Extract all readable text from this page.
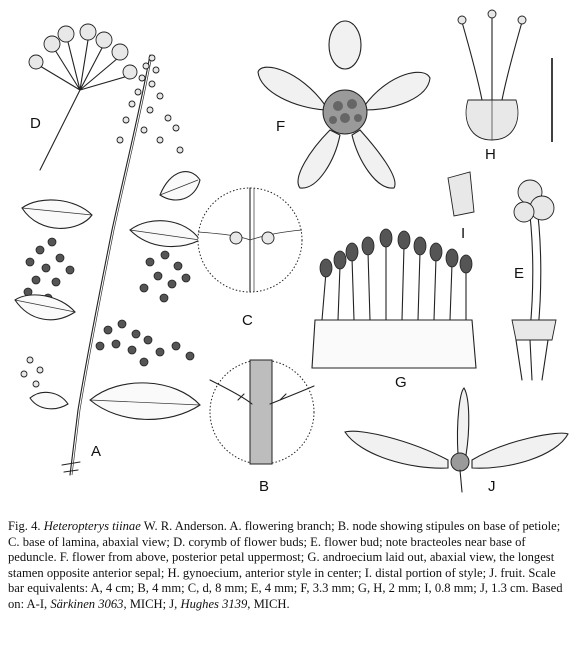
A
D	F
H
C
B
I
E
G
J

Fig. 4. Heteropterys tiinae W. R. Anderson. A. flowering branch; B. node showing stipules on base of petiole; C. base of lamina, abaxial view; D. corymb of flower buds; E. flower bud; note bracteoles near base of peduncle. F. flower from above, posterior petal uppermost; G. androecium laid out, abaxial view, the longest stamen opposite anterior sepal; H. gynoecium, anterior style in center; I. distal portion of style; J. fruit. Scale bar equivalents: A, 4 cm; B, 4 mm; C, d, 8 mm; E, 4 mm; F, 3.3 mm; G, H, 2 mm; I, 0.8 mm; J, 1.3 cm. Based on: A-I, Särkinen 3063, MICH; J, Hughes 3139, MICH.
